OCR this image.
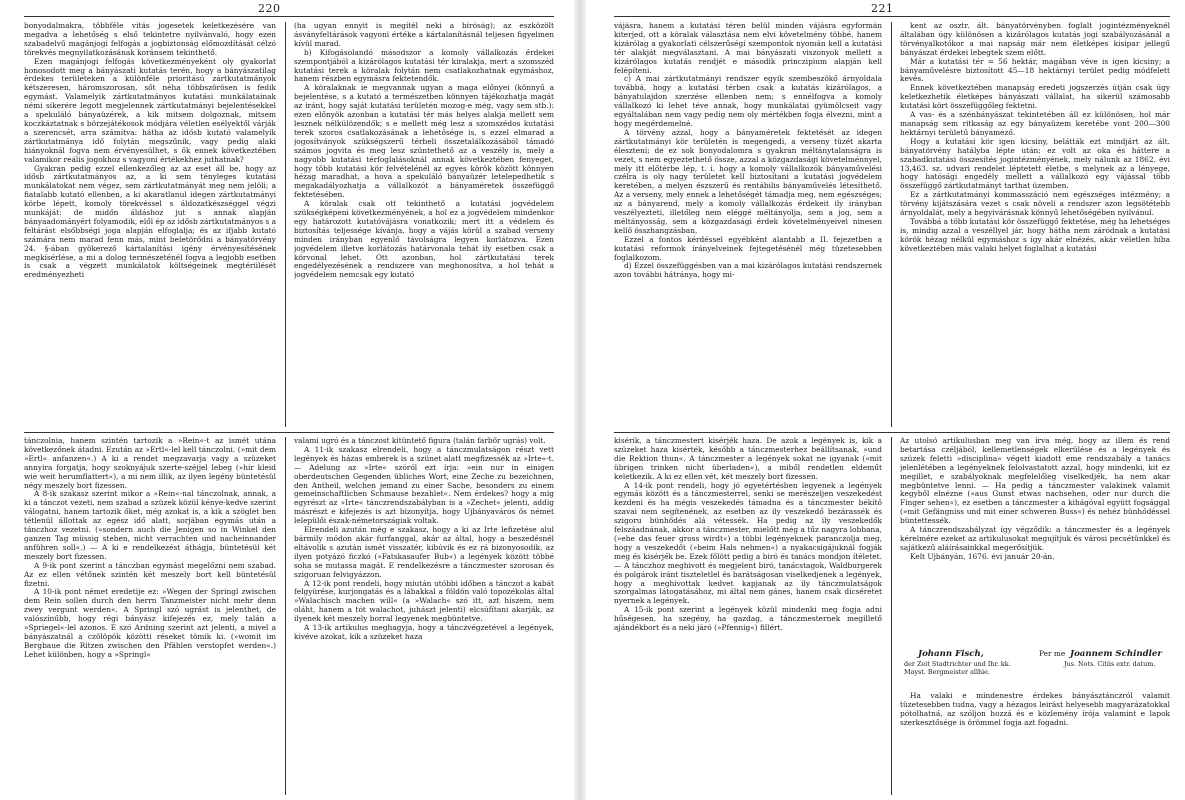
220

bonyodalmakra, többféle vitás jogesetek keletkezésére van megadva a lehetőség s első tekintetre nyilvánvaló, hogy ezen szabadelvű magánjogi felfogás a jogbiztonság előmozdítását célzó törekvés megnyilatkozásának koránsem tekinthető.

Ezen magánjogi felfogás következményeként oly gyakorlat honosodott meg a bányászati kutatás terén, hogy a bányászatilag érdekes területeken a különféle prioritású zártkutatmányok kétszeresen, háromszorosan, sőt néha többszörösen is fedik egymást. Valamelyik zártkutatmányos kutatási munkálatainak némi sikerére legott megjelennek zártkutatmányi bejelentésekkel a spekuláló bányaüzérek, a kik mitsem dolgoznak, mitsem koczkáztatnak s börzejátékosok módjára véletlen esélyektől várják a szerencsét, arra számítva: hátha az idősb kutató valamelyik zártkutatmánya idő folytán megszűnik, vagy pedig alaki hiányoknál fogva nem érvényesülhet, s ők ennek következtében valamikor reális jogokhoz s vagyoni értékekhez juthatnak?

Gyakran pedig ezzel ellenkezőleg az az eset áll be, hogy az idősb zártkutatmányos az, a ki sem tényleges kutatási munkálatokat nem végez, sem zártkutatmányát meg nem jelöli; a fiatalabb kutató ellenben, a ki akaratlanul idegen zártkutatmányi körbe lépett, komoly törekvéssel s áldozatkészséggel végzi munkáját: de midőn áldáshoz jut s annak alapján bányaadományért folyamodik, elől ép az idősb zártkutatmányos s a feltárást elsőbbségi joga alapján elfoglalja; és az ifjabb kutató számára nem marad fenn más, mint beletörődni a bányatörvény 24. §-ában gyökerező kártalanítási igény érvényesítésének megkísérlése, a mi a dolog természeténél fogva a legjobb esetben is csak a végzett munkálatok költségeinek megtérülését eredményezheti

(ha ugyan ennyit is megítél neki a bíróság); az eszközölt ásványfeltárások vagyoni értéke a kártalanításnál teljesen figyelmen kívül marad.

b) Kifogásolandó másodszor a komoly vállalkozás érdekei szempontjából a kizárólagos kutatási tér kiralakja, mert a szomszéd kutatási terek a köralak folytán nem csatlakozhatnak egymáshoz, hanem részben egymásra fektetendők.

A köralaknak ie megvannak ugyan a maga előnyei (könnyű a bejelentése, s a kutató a természetben könnyen tájékozhatja magát az iránt, hogy saját kutatási területén mozog-e még, vagy sem stb.): ezen előnyök azonban a kutatási tér más helyes alakja mellett sem lesznek nélkülözendők; s e mellett még lesz a szomszédos kutatási terek szoros csatlakozásának a lehetősége is, s ezzel elmarad a jogosítványok szükségszerű térbeli összetalálkozásából támadó számos jogvita és meg lesz szüntethető az a veszély is, mely a nagyobb kutatási térfoglalásoknál annak következtében fenyeget, hogy több kutatási kör felvételénél az egyes körök között könnyen hézag maradhat, a hova a spekuláló bányaüzér letelepedhetik s megakadályozhatja a vállalkozót a bányaméretek összefüggő fektetésében.

A köralak csak ott tekinthető a kutatási jogvédelem szükségképeni következményének, a hol ez a jogvédelem mindenkor egy határozott kutatóvájásra vonatkozik; mert itt a védelem és biztosítás teljessége kívánja, hogy a vájás körül a szabad verseny minden irányban egyenlő távolságra legyen korlátozva. Ezen jogvédelem illetve korlátozás határvonala tehát ily esetben csak a körvonal lehet. Ott azonban, hol zártkutatási terek engedélyezésének a rendszere van meghonosítva, a hol tehát a jogvédelem nemcsak egy kutató

tánczolnia, hanem szintén tartozik a »Rein«-t az ismét utána következőnek átadni. Ezután az »Ertl«-lel kell tánczolni. (»mit dem »Ertl« anfanzen«.) A ki a rendet megzavarja vagy a szüzeket annyira forgatja, hogy szoknyájuk szerte-széjjel lebeg (»hir kleid wie weit herumflattert«), a mi nem illik, az ilyen legény büntetésül négy meszely bort fizessen.

A 8-ik szakasz szerint mikor a »Rein«-nal tánczolnak, annak, a ki a tánczot vezeti, nem szabad a szüzek közül kénye-kedve szerint válogatni, hanem tartozik őket, még azokat is, a kik a szöglet ben tétlenül állottak az egész idő alatt, sorjában egymás után a tánczhoz vezetni. (»sondern auch die Jenigen so in Winkel den ganzen Tag müssig stehen, nicht verrachten und nacheinnander anführen soll«.) — A ki e rendelkezést áthágja, büntetésül két meszely bort fizessen.

A 9-ik pont szerint a tánczban egymást megelőzni nem szabad. Az ez ellen vétőnek szintén két meszely bort kell büntetésül fizetni.

A 10-ik pont német eredetije ez: »Wegen der Springl zwischen dem Rein sollen durch den herrn Tanzmeister nicht mehr denn zwey vergunt werden«. A Springl szó ugrást is jelenthet, de valószínűbb, hogy régi bányász kifejezés ez, mely talán a »Spriegel«-lel azonos. E szó Ardning szerint azt jelenti, a mivel a bányászatnál a czölöpök közötti réseket tömik ki. (»womit im Bergbaue die Ritzen zwischen den Pfählen verstopfet werden«.) Lehet különben, hogy a »Springl«

valami ugró és a tánczost kitüntető figura (talán farbőr ugrás) volt.

A 11-ik szakasz elrendeli, hogy a tánczmulatságon részt vett legények és házas emberek is a szünet alatt megfizessék az »Irte«-t. — Adelung az »Irte« szóról ezt írja: »ein nur in einigen oberdeutschen Gegenden übliches Wort, eine Zeche zu bezeichnen, den Antheil, welchen jemand zu einer Sache, besonders zu einem gemeinschaftlichen Schmause bezahlet«. Nem érdekes? hogy a mig egyrészt az »Irte« tánczrendszabályban is a »Zechet« jelenti, addig másrészt e kifejezés is azt bizonyítja, hogy Ujbányaváros ős német lelepülői észak-németországiak voltak.

Elrendeli azután még e szakasz, hogy a ki az Irte lefizetése alul bármily módon akár furfanggal, akár az által, hogy a beszedésnél eltávolik s azután ismét visszatér, kibúvik és ez rá bizonyosodik, az ilyen potyázó ficzkó (»Fatskasaufer Bub«) a legények között többé soha se mutassa magát. E rendelkezésre a tánczmester szorosan és szigoruan felvigyázzon.

A 12-ik pont rendeli, hogy miután utóbbi időben a tánczot a kabát felgyürése, kurjongatás és a lábakkal a földön való topozékolás által »Walachisch machen will« (a »Walach« szó itt, azt hiszem, nem oláht, hanem a tót walachot, juhászt jelenti) elcsúfítani akarják, az ilyenek két meszely borral legyenek megbüntetve.

A 13-ik artikulus meghagyja, hogy a tánczvégzetével a legények, kivéve azokat, kik a szüzeket haza

221

vájásra, hanem a kutatási téren belül minden vájásra egyformán kiterjed, ott a köralak választása nem elvi követelmény többé, hanem kizárólag a gyakorlati célszerűségi szempontok nyomán kell a kutatási tér alakját megválasztani. A mai bányászati viszonyok mellett a kizárólagos kutatás rendjét e második princzipium alapján kell felépíteni.

c) A mai zártkutatmányi rendszer egyik szembeszökő árnyoldala továbbá, hogy a kutatási térben csak a kutatás kizárólagos, a bányatulajdon szerzése ellenben nem; s ennélfogva a komoly vállalkozó ki lehet téve annak, hogy munkálatai gyümölcseit vagy egyáltalában nem vagy pedig nem oly mértékben fogja élvezni, mint a hogy megérdemelné.

A törvény azzal, hogy a bányaméretek fektetését az idegen zártkutatmányi kör területén is megengedi, a verseny tüzét akarta éleszteni; de ez sok bonyodalomra s gyakran méltánytalanságra is vezet, s nem egyeztethető össze, azzal a közgazdasági követelménnyel, mely itt előtérbe lép, t. i. hogy a komoly vállalkozók bányaművelési czélra is oly nagy területet kell biztosítani a kutatási jogvédelem keretében, a melyen észszerű és rentábilis bányaművelés létesíthető. Az a verseny, mely ennek a lehetőségét támadja meg, nem egészséges; az a bányarend, mely a komoly vállalkozás érdekeit ily irányban veszélyezteti, illetőleg nem eléggé méltányolja, sem a jog, sem a méltányosság, sem a közgazdasági érdek követelményeivel ninesen kellő összhangzásban.

Ezzel a fontos kérdéssel egyébként alantabb a II. fejezetben a kutatási reformok irányelveinek fejtegetésénél még tüzetesebben foglalkozom.

d) Ezzel összefüggésben van a mai kizárólagos kutatási rendszernek azon további hátránya, hogy mi-

kent az osztr. ált. bányatörvényben foglalt jogintézményeknél általában úgy különösen a kizárólagos kutatás jogi szabályozásánál a törvényalkotókor a mai napság már nem életképes kisipar jellegű bányászat érdekei lebegtek szem előtt.

Már a kutatási tér = 56 hektár, magában véve is igen kicsiny; a bányaművelésre biztosított 45—18 hektárnyi terület pedig módfelett kevés.

Ennek következtében manapság eredeti jogszerzés útján csak úgy keletkezhetik életképes bányászati vállalat, ha sikerül számosabb kutatási kört összefüggőleg fektetni.

A vas- és a szénbányászat tekintetében áll ez különösen, hol már manapság sem ritkaság az egy bányaüzem keretébe vont 200—300 hektárnyi területű bányamező.

Hogy a kutatási kör igen kicsiny, belátták ezt mindjárt az ált. bányatörvény hatályba lépte után; ez volt az oka és háttere a szabadkutatási összesítés jogintézményének, mely nálunk az 1862. évi 13,463. sz. udvari rendelet léptetett életbe, s melynek az a lényege, hogy hatósági engedély mellett a vállalkozó egy vájással több összefüggő zártkutatmányt tarthat üzemben.

Ez a zártkutatmányi kommasszáció nem egészséges intézmény; a törvény kijátszására vezet s csak növeli a rendszer azon legsötétebb árnyoldalát, mely a hegyivárásnak könnyű lehetőségében nyilvánul.

Továbbá a több kutatási kör összefüggő fektetése, még ha lehetséges is, mindig azzal a veszéllyel jár, hogy hátha nem záródnak a kutatási körök hézag nélkül egymáshoz s így akár elnézés, akár véletlen híba következtében más valaki helyet foglalhat a kutatási

kisérik, a tánczmestert kisérjék haza. De azok a legények is, kik a szüzeket haza kisérték, később a tánczmesterhez beállítsanak, »und die Rektion thun«. A tánczmester a legények sokat ne igyanak (»mit übrigen trinken nicht überladen«), a miből rendetlen eldeműt keletkezik. A ki ez ellen vét, két meszely bort fizessen.

A 14-ik pont rendeli, hogy jó egyetértésben legyenek a legények egymás között és a tánczmesterrel, senki se merészeljen veszekedést kezdeni és ha mégis veszekedés támadna és a tánczmester békítő szavai nem segítenének, az esetben az ily veszekedő bezárassék és szigoru bünhődés alá vétessék. Ha pedig az ily veszekedők felszáadnának, akkor a tánczmester, mielőtt még a tűz nagyra lobbana, (»ehe das feuer gross wirdt«) a többi legényeknek paranczolja meg, hogy a veszekedőt (»beim Hals nehmen«) a nyakacsigájuknál fogják meg és kisérjék be. Ezek főlött pedig a biró és tanács mondjon ítéletet. — A tánczhoz meghivott és megjelent biró, tanácstagok, Waldburgerek és polgárok iránt tiszteletlel és barátságosan viselkedjenek a legények, hogy a meghivottak kedvet kapjanak az ily tánczmulatságok szorgalmas látogatásához, mi által nem gánes, hanem csak dicséretet nyernek a legények.

A 15-ik pont szerint a legények közül mindenki meg fogja adni hűségesen, ha szegény, ha gazdag, a tánczmesternek megillető ajándékbort és a neki járó (»Pfennig«) fillért.

Az utolsó artikulusban meg van írva még, hogy az illem és rend betartása czéljából, kellemetlenségek elkerülése és a legények és szüzek feletti »disciplina« végett kiadott eme rendszabály a tanács jelenlétében a legényeknek felolvastatott azzal, hogy mindenki, kit ez megillet, e szabályoknak megfelelőleg viselkedjék, ha nem akar megbüntetve lenni. — Ha pedig a tánczmester valakinek valamit kegyből elnézne (»aus Gunst etwas nachsehen, oder nur durch die Finger sehen«), ez esetben a tánczmester a kihágóval együtt fogsággal (»mit Gefängniss und mit einer schweren Buss«) és nehéz bünhődéssel büntettessék.

A tánczrendszabályzat így végződik: a tánczmester és a legények kérelmére ezeket az artikulusokat megujítjuk és városi pecsétünkkel és sajátkezű aláírásainkkal megerősítjük.

Kelt Ujbányán, 1676. évi január 20-án.

Johann Fisch,	Per me Joannem Schindler
der Zeit Stadtrichter und Ihr. kk. Mayst. Bergmeister allhie.
Jus. Nots. Citiis extr. datum.

Ha valaki e mindenestre érdekes bányásztánczról valamit tüzetesebben tudna, vagy a hézagos leirást helyesebb magyarázatokkal pótolhatná, az szóljon hozzá és e közlemény írója valamint e lapok szerkesztősége is örömmel fogja azt fogadni.
